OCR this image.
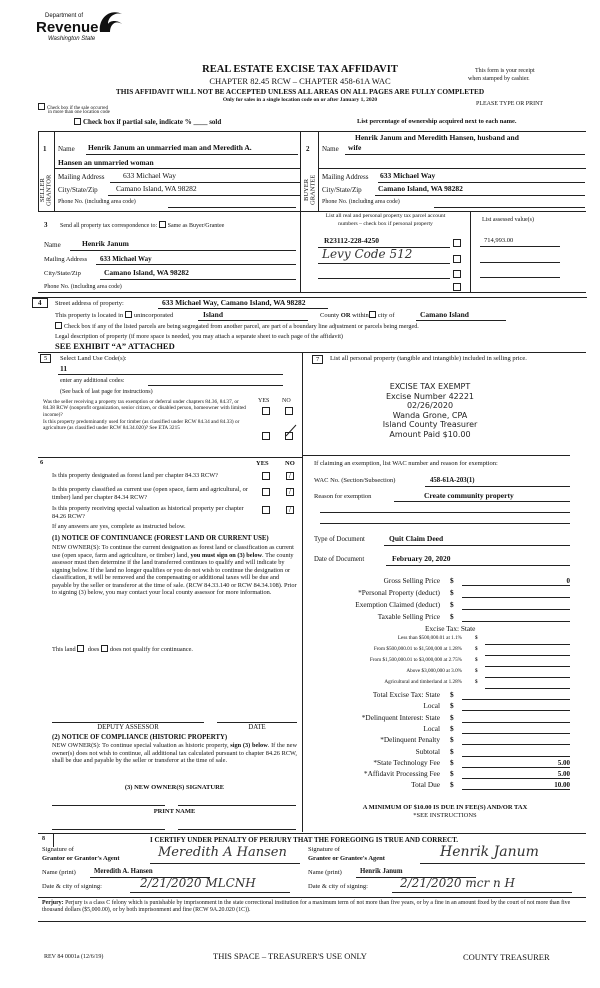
Department of
Revenue
Washington State
REAL ESTATE EXCISE TAX AFFIDAVIT
CHAPTER 82.45 RCW – CHAPTER 458-61A WAC
THIS AFFIDAVIT WILL NOT BE ACCEPTED UNLESS ALL AREAS ON ALL PAGES ARE FULLY COMPLETED
Only for sales in a single location code on or after January 1, 2020
This form is your receipt
when stamped by cashier.
PLEASE TYPE OR PRINT
Check box if the sale occurred
in more than one location code
Check box if partial sale, indicate % ____ sold	List percentage of ownership acquired next to each name.
1
SELLER GRANTOR
Name Henrik Janum an unmarried man and Meredith A.
Hansen an unmarried woman
Mailing Address 633 Michael Way
City/State/Zip Camano Island, WA 98282
Phone No. (including area code)
2
BUYER GRANTEE
Name
Henrik Janum and Meredith Hansen, husband and
wife
Mailing Address 633 Michael Way
City/State/Zip Camano Island, WA 98282
Phone No. (including area code)
3 Send all property tax correspondence to: Same as Buyer/Grantee
Name	Henrik Janum
Mailing Address 633 Michael Way
City/State/Zip	Camano Island, WA 98282
Phone No. (including area code)
List all real and personal property tax parcel account
numbers – check box if personal property
List assessed value(s)
R23112-228-4250	714,993.00
Levy Code 512
4	Street address of property:	633 Michael Way, Camano Island, WA 98282
This property is located in unincorporated	Island	County OR within city of	Camano Island
Check box if any of the listed parcels are being segregated from another parcel, are part of a boundary line adjustment or parcels being merged.
Legal description of property (if more space is needed, you may attach a separate sheet to each page of the affidavit)
SEE EXHIBIT “A” ATTACHED
5	Select Land Use Code(s):
11
enter any additional codes:
(See back of last page for instructions)
YES NO
Was the seller receiving a property tax exemption or deferral under chapters 84.36, 84.37, or 84.38 RCW (nonprofit organization, senior citizen, or disabled person, homeowner with limited income)?
Is this property predominantly used for timber (as classified under RCW 84.34 and 84.33) or agriculture (as classified under RCW 84.34.020)? See ETA 3215
6	YES	NO
Is this property designated as forest land per chapter 84.33 RCW?	/
Is this property classified as current use (open space, farm and agricultural, or timber) land per chapter 84.34 RCW?
/
Is this property receiving special valuation as historical property per chapter 84.26 RCW?
/
If any answers are yes, complete as instructed below.
(1) NOTICE OF CONTINUANCE (FOREST LAND OR CURRENT USE)
NEW OWNER(S): To continue the current designation as forest land or classification as current use (open space, farm and agriculture, or timber) land, you must sign on (3) below. The county assessor must then determine if the land transferred continues to qualify and will indicate by signing below. If the land no longer qualifies or you do not wish to continue the designation or classification, it will be removed and the compensating or additional taxes will be due and payable by the seller or transferor at the time of sale. (RCW 84.33.140 or RCW 84.34.108). Prior to signing (3) below, you may contact your local county assessor for more information.
This land does does not qualify for continuance.
DEPUTY ASSESSOR	DATE
(2) NOTICE OF COMPLIANCE (HISTORIC PROPERTY)
NEW OWNER(S): To continue special valuation as historic property, sign (3) below. If the new owner(s) does not wish to continue, all additional tax calculated pursuant to chapter 84.26 RCW, shall be due and payable by the seller or transferor at the time of sale.
(3) NEW OWNER(S) SIGNATURE
PRINT NAME
7	List all personal property (tangible and intangible) included in selling price.
EXCISE TAX EXEMPT
Excise Number 42221
02/26/2020
Wanda Grone, CPA
Island County Treasurer
Amount Paid $10.00
If claiming an exemption, list WAC number and reason for exemption:
WAC No. (Section/Subsection)	458-61A-203(1)
Reason for exemption	Create community property
Type of Document	Quit Claim Deed
Date of Document	February 20, 2020
Gross Selling Price $	0
*Personal Property (deduct) $
Exemption Claimed (deduct) $
Taxable Selling Price $
Excise Tax: State
Less than $500,000.01 at 1.1%	$
From $500,000.01 to $1,500,000 at 1.28%	$
From $1,500,000.01 to $3,000,000 at 2.75%	$
Above $3,000,000 at 3.0%	$
Agricultural and timberland at 1.28%	$
Total Excise Tax: State $
Local $
*Delinquent Interest: State $
Local $
*Delinquent Penalty $
Subtotal $
*State Technology Fee $	5.00
*Affidavit Processing Fee $	5.00
Total Due $	10.00
A MINIMUM OF $10.00 IS DUE IN FEE(S) AND/OR TAX
*SEE INSTRUCTIONS
8	I CERTIFY UNDER PENALTY OF PERJURY THAT THE FOREGOING IS TRUE AND CORRECT.
Signature of
Grantor or Grantor's Agent	Meredith A Hansen	Signature of
Grantee or Grantee's Agent	Henrik Janum
Name (print)	Meredith A. Hansen	Name (print)	Henrik Janum
Date & city of signing:	2/21/2020 MLCNH	Date & city of signing:	2/21/2020 mcr n H
Perjury: Perjury is a class C felony which is punishable by imprisonment in the state correctional institution for a maximum term of not more than five years, or by a fine in an amount fixed by the court of not more than five thousand dollars ($5,000.00), or by both imprisonment and fine (RCW 9A.20.020 (1C)).
REV 84 0001a (12/6/19)	THIS SPACE – TREASURER'S USE ONLY	COUNTY TREASURER
